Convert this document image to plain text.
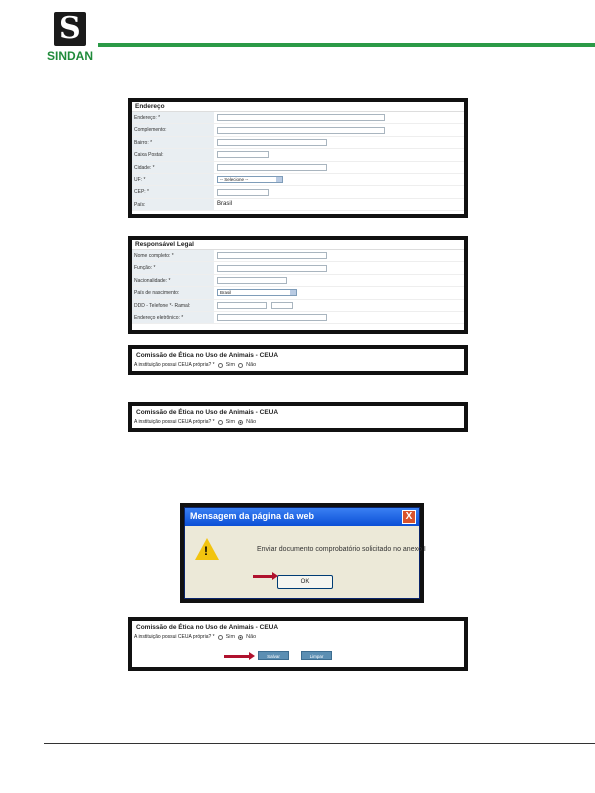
S
SINDAN
Endereço
Endereço: *
Complemento:
Bairro: *
Caixa Postal:
Cidade: *
UF: *	-- Selecione --
CEP: *
País:	Brasil
Responsável Legal
Nome completo: *
Função: *
Nacionalidade: *
País de nascimento:	Brasil
DDD - Telefone *- Ramal:
Endereço eletrônico: *
Comissão de Ética no Uso de Animais - CEUA
A instituição possui CEUA própria? * Sim Não
Comissão de Ética no Uso de Animais - CEUA
A instituição possui CEUA própria? * Sim Não
Mensagem da página da web	X
!	Enviar documento comprobatório solicitado no anexo I
OK
Comissão de Ética no Uso de Animais - CEUA
A instituição possui CEUA própria? * Sim Não
Salvar	Limpar
